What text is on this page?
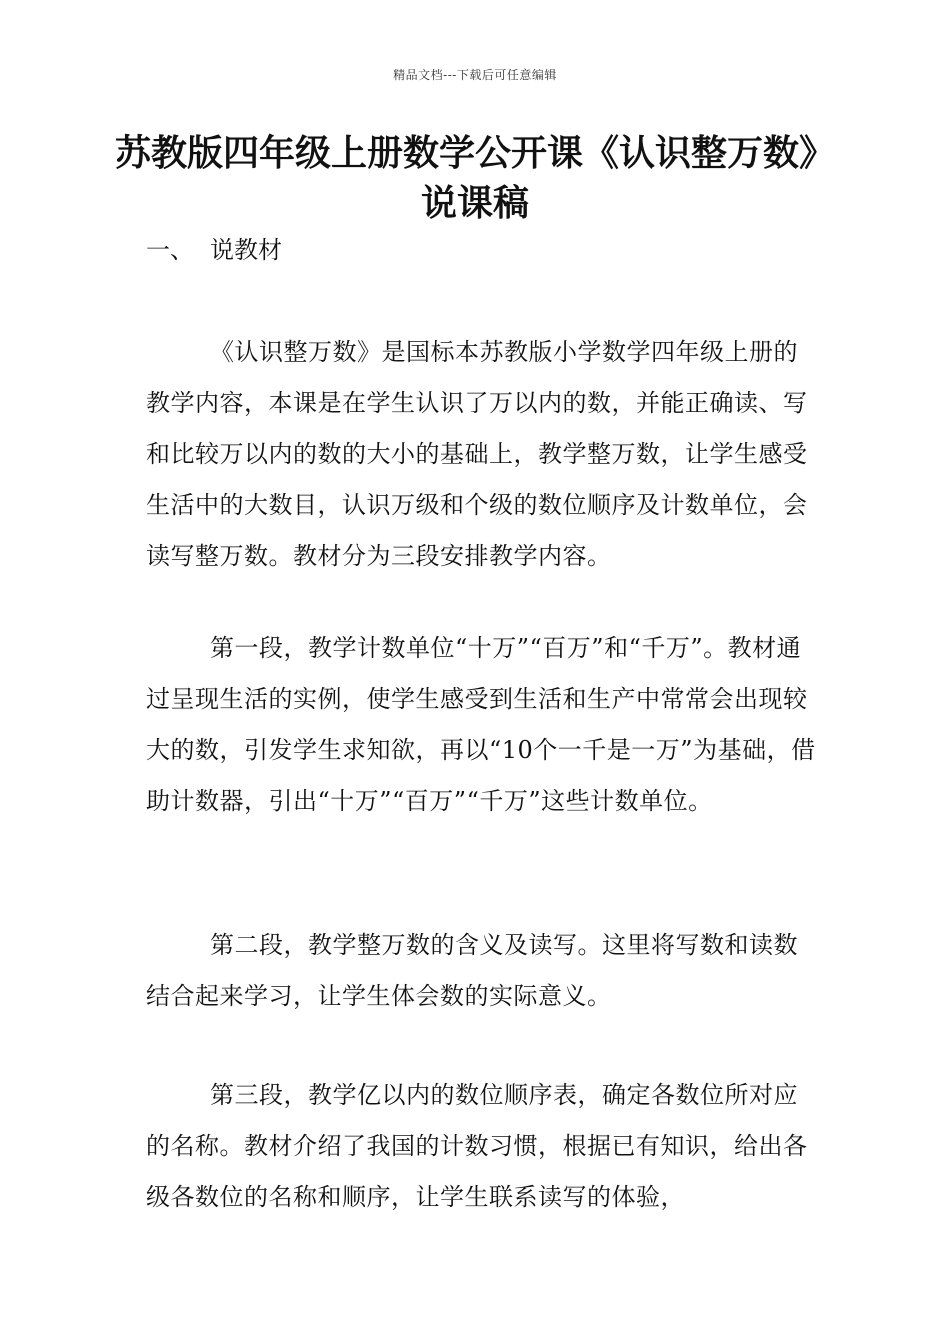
精品文档---下载后可任意编辑
苏教版四年级上册数学公开课《认识整万数》说课稿
一、 说教材

《认识整万数》是国标本苏教版小学数学四年级上册的教学内容，本课是在学生认识了万以内的数，并能正确读、写和比较万以内的数的大小的基础上，教学整万数，让学生感受生活中的大数目，认识万级和个级的数位顺序及计数单位，会读写整万数。教材分为三段安排教学内容。

第一段，教学计数单位“十万”“百万”和“千万”。教材通过呈现生活的实例，使学生感受到生活和生产中常常会出现较大的数，引发学生求知欲，再以“10个一千是一万”为基础，借助计数器，引出“十万”“百万”“千万”这些计数单位。

第二段，教学整万数的含义及读写。这里将写数和读数结合起来学习，让学生体会数的实际意义。

第三段，教学亿以内的数位顺序表，确定各数位所对应的名称。教材介绍了我国的计数习惯，根据已有知识，给出各级各数位的名称和顺序，让学生联系读写的体验，
